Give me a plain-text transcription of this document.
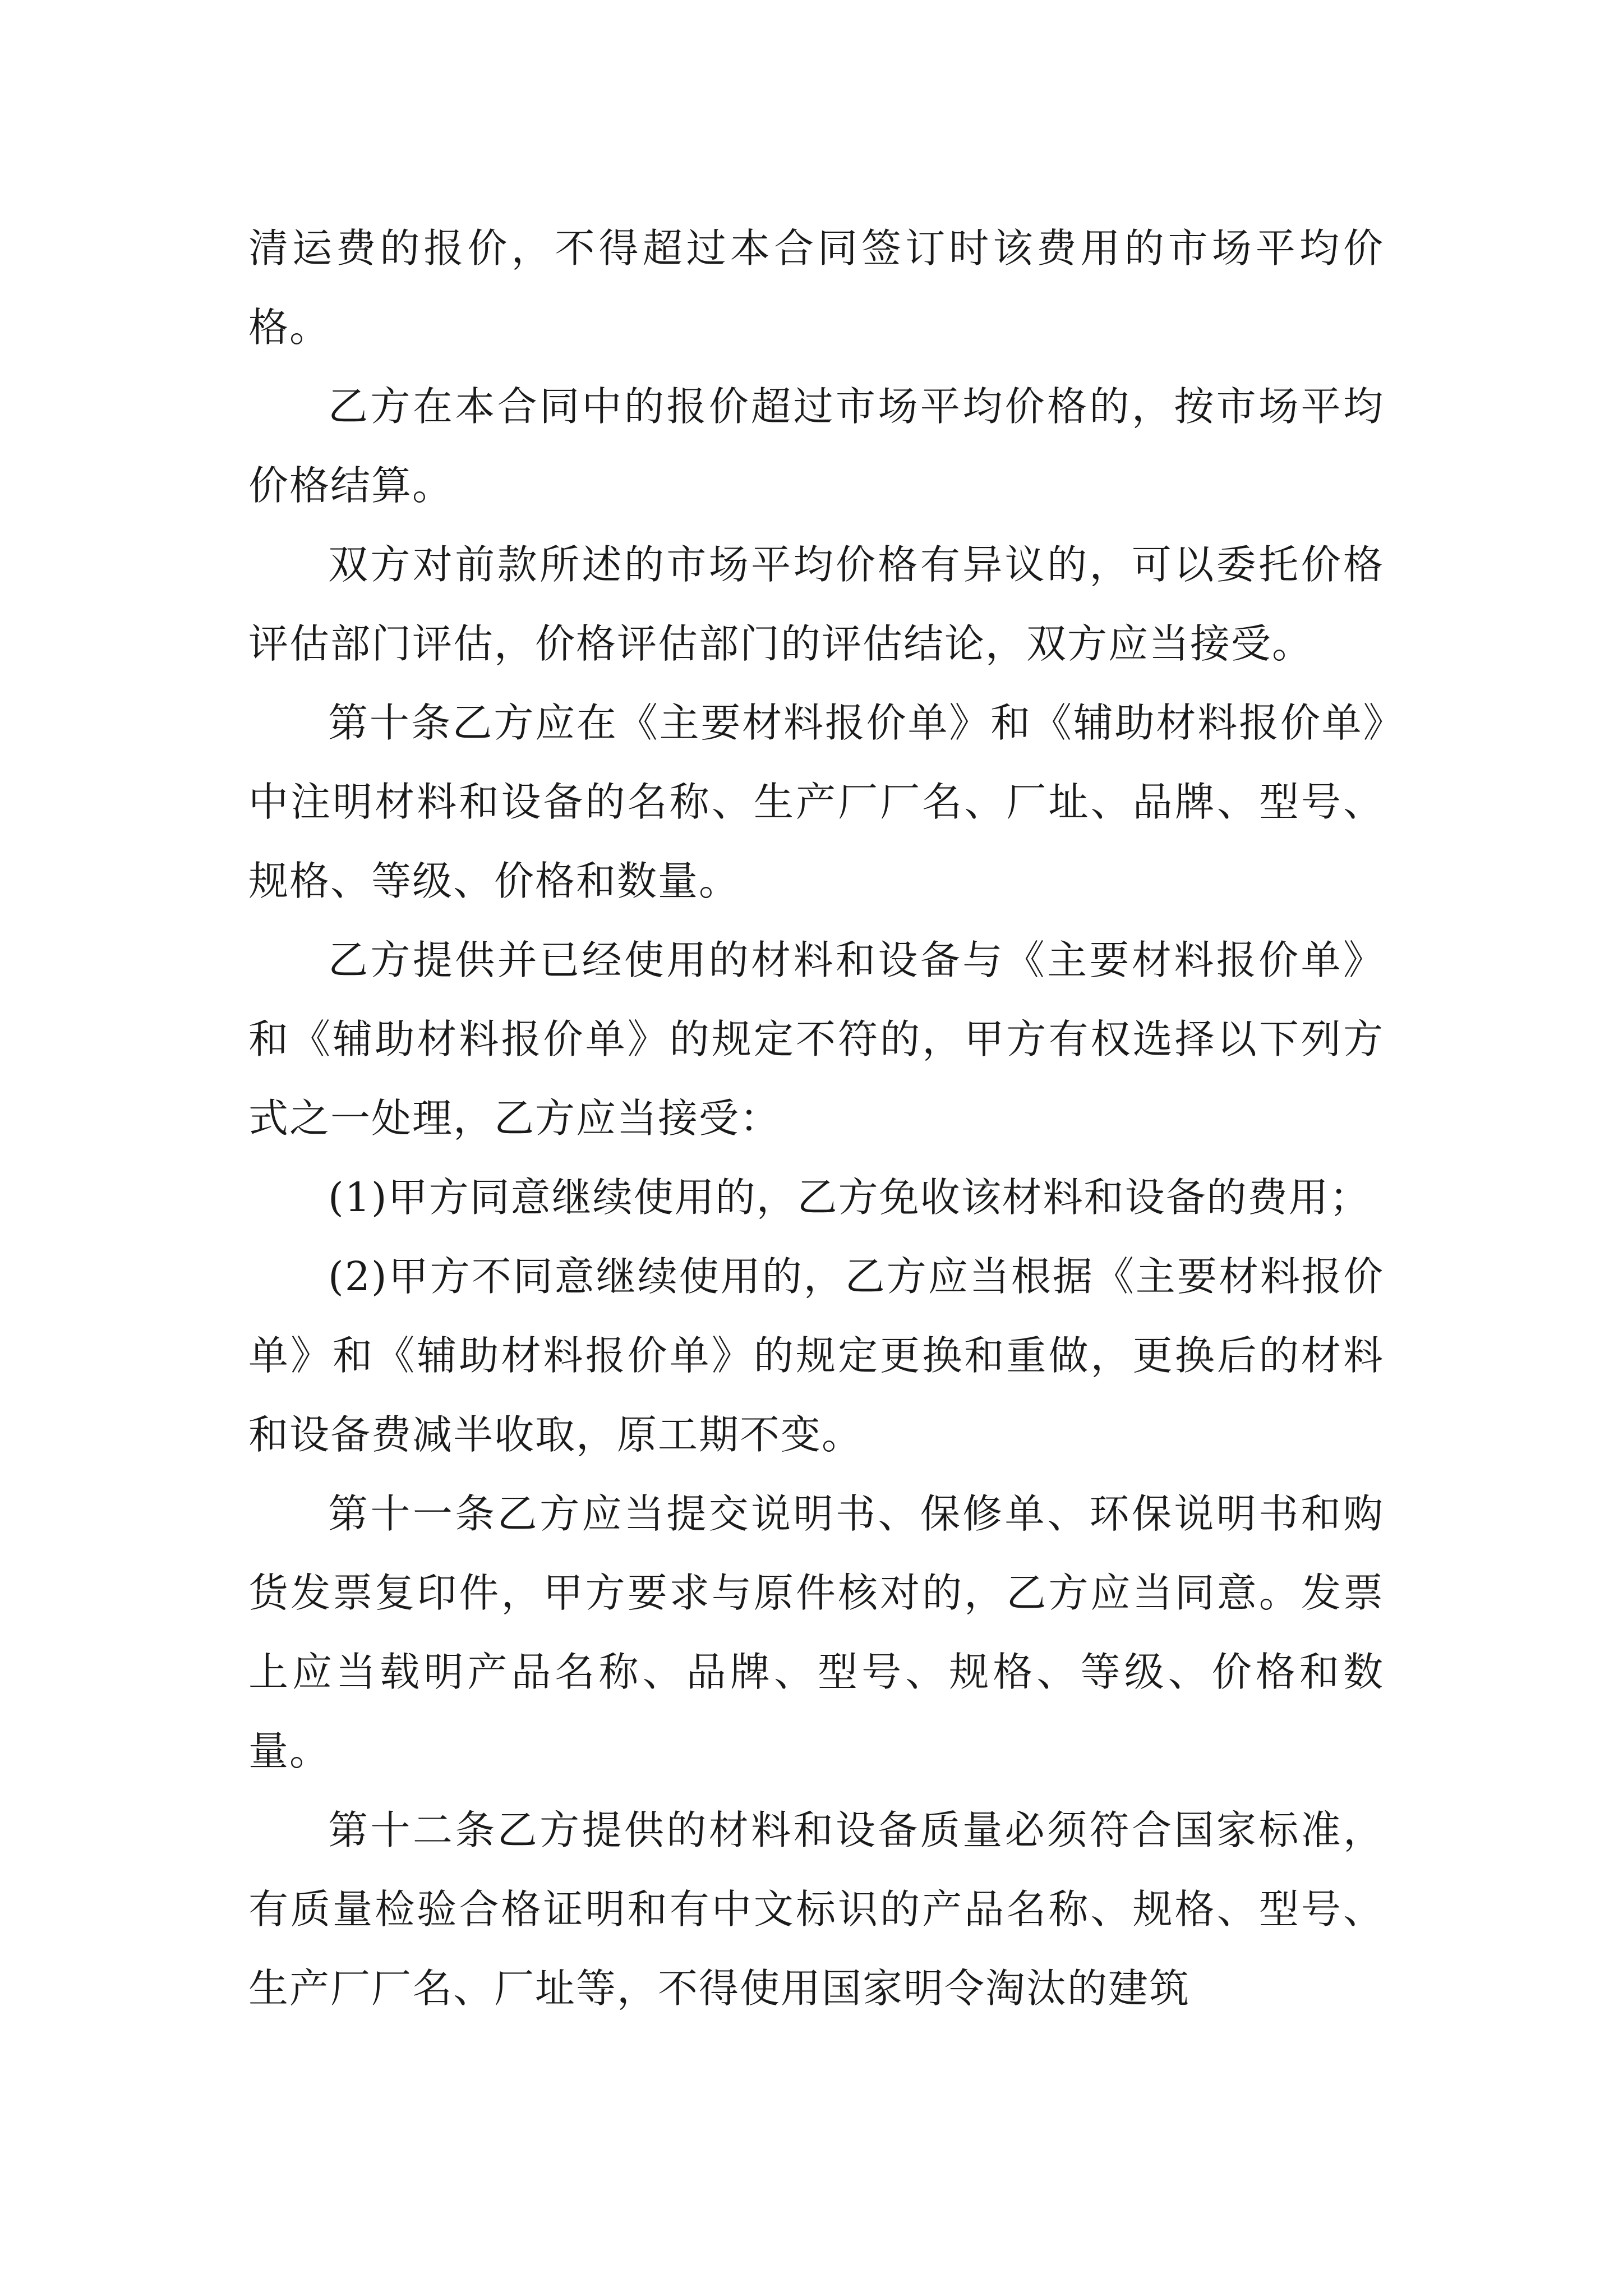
清运费的报价，不得超过本合同签订时该费用的市场平均价格。

乙方在本合同中的报价超过市场平均价格的，按市场平均价格结算。

双方对前款所述的市场平均价格有异议的，可以委托价格评估部门评估，价格评估部门的评估结论，双方应当接受。

第十条乙方应在《主要材料报价单》和《辅助材料报价单》中注明材料和设备的名称、生产厂厂名、厂址、品牌、型号、规格、等级、价格和数量。

乙方提供并已经使用的材料和设备与《主要材料报价单》和《辅助材料报价单》的规定不符的，甲方有权选择以下列方式之一处理，乙方应当接受：

(1)甲方同意继续使用的，乙方免收该材料和设备的费用；

(2)甲方不同意继续使用的，乙方应当根据《主要材料报价单》和《辅助材料报价单》的规定更换和重做，更换后的材料和设备费减半收取，原工期不变。

第十一条乙方应当提交说明书、保修单、环保说明书和购货发票复印件，甲方要求与原件核对的，乙方应当同意。发票上应当载明产品名称、品牌、型号、规格、等级、价格和数量。

第十二条乙方提供的材料和设备质量必须符合国家标准，有质量检验合格证明和有中文标识的产品名称、规格、型号、生产厂厂名、厂址等，不得使用国家明令淘汰的建筑
